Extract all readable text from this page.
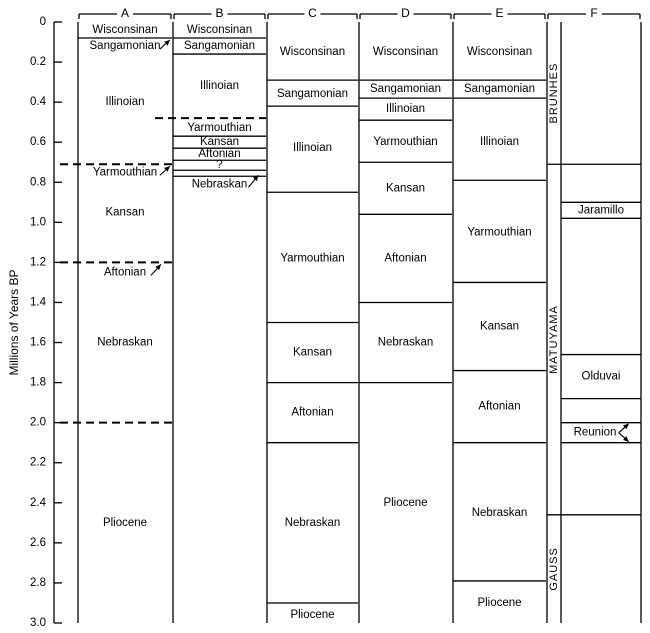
0
0.2
0.4
0.6
0.8
1.0
1.2
1.4
1.6
1.8
2.0
2.2
2.4
2.6
2.8
3.0
Millions of Years BP
A
Wisconsinan
Sangamonian
Illinoian
Yarmouthian
Kansan
Aftonian
Nebraskan
Pliocene
B
Wisconsinan
Sangamonian
Illinoian
Yarmouthian
Kansan
Aftonian
?
Nebraskan
C
Wisconsinan
Sangamonian
Illinoian
Yarmouthian
Kansan
Aftonian
Nebraskan
Pliocene
D
Wisconsinan
Sangamonian
Illinoian
Yarmouthian
Kansan
Aftonian
Nebraskan
Pliocene
E
Wisconsinan
Sangamonian
Illinoian
Yarmouthian
Kansan
Aftonian
Nebraskan
Pliocene
F
BRUNHES
MATUYAMA
GAUSS
Jaramillo
Olduvai
Reunion
